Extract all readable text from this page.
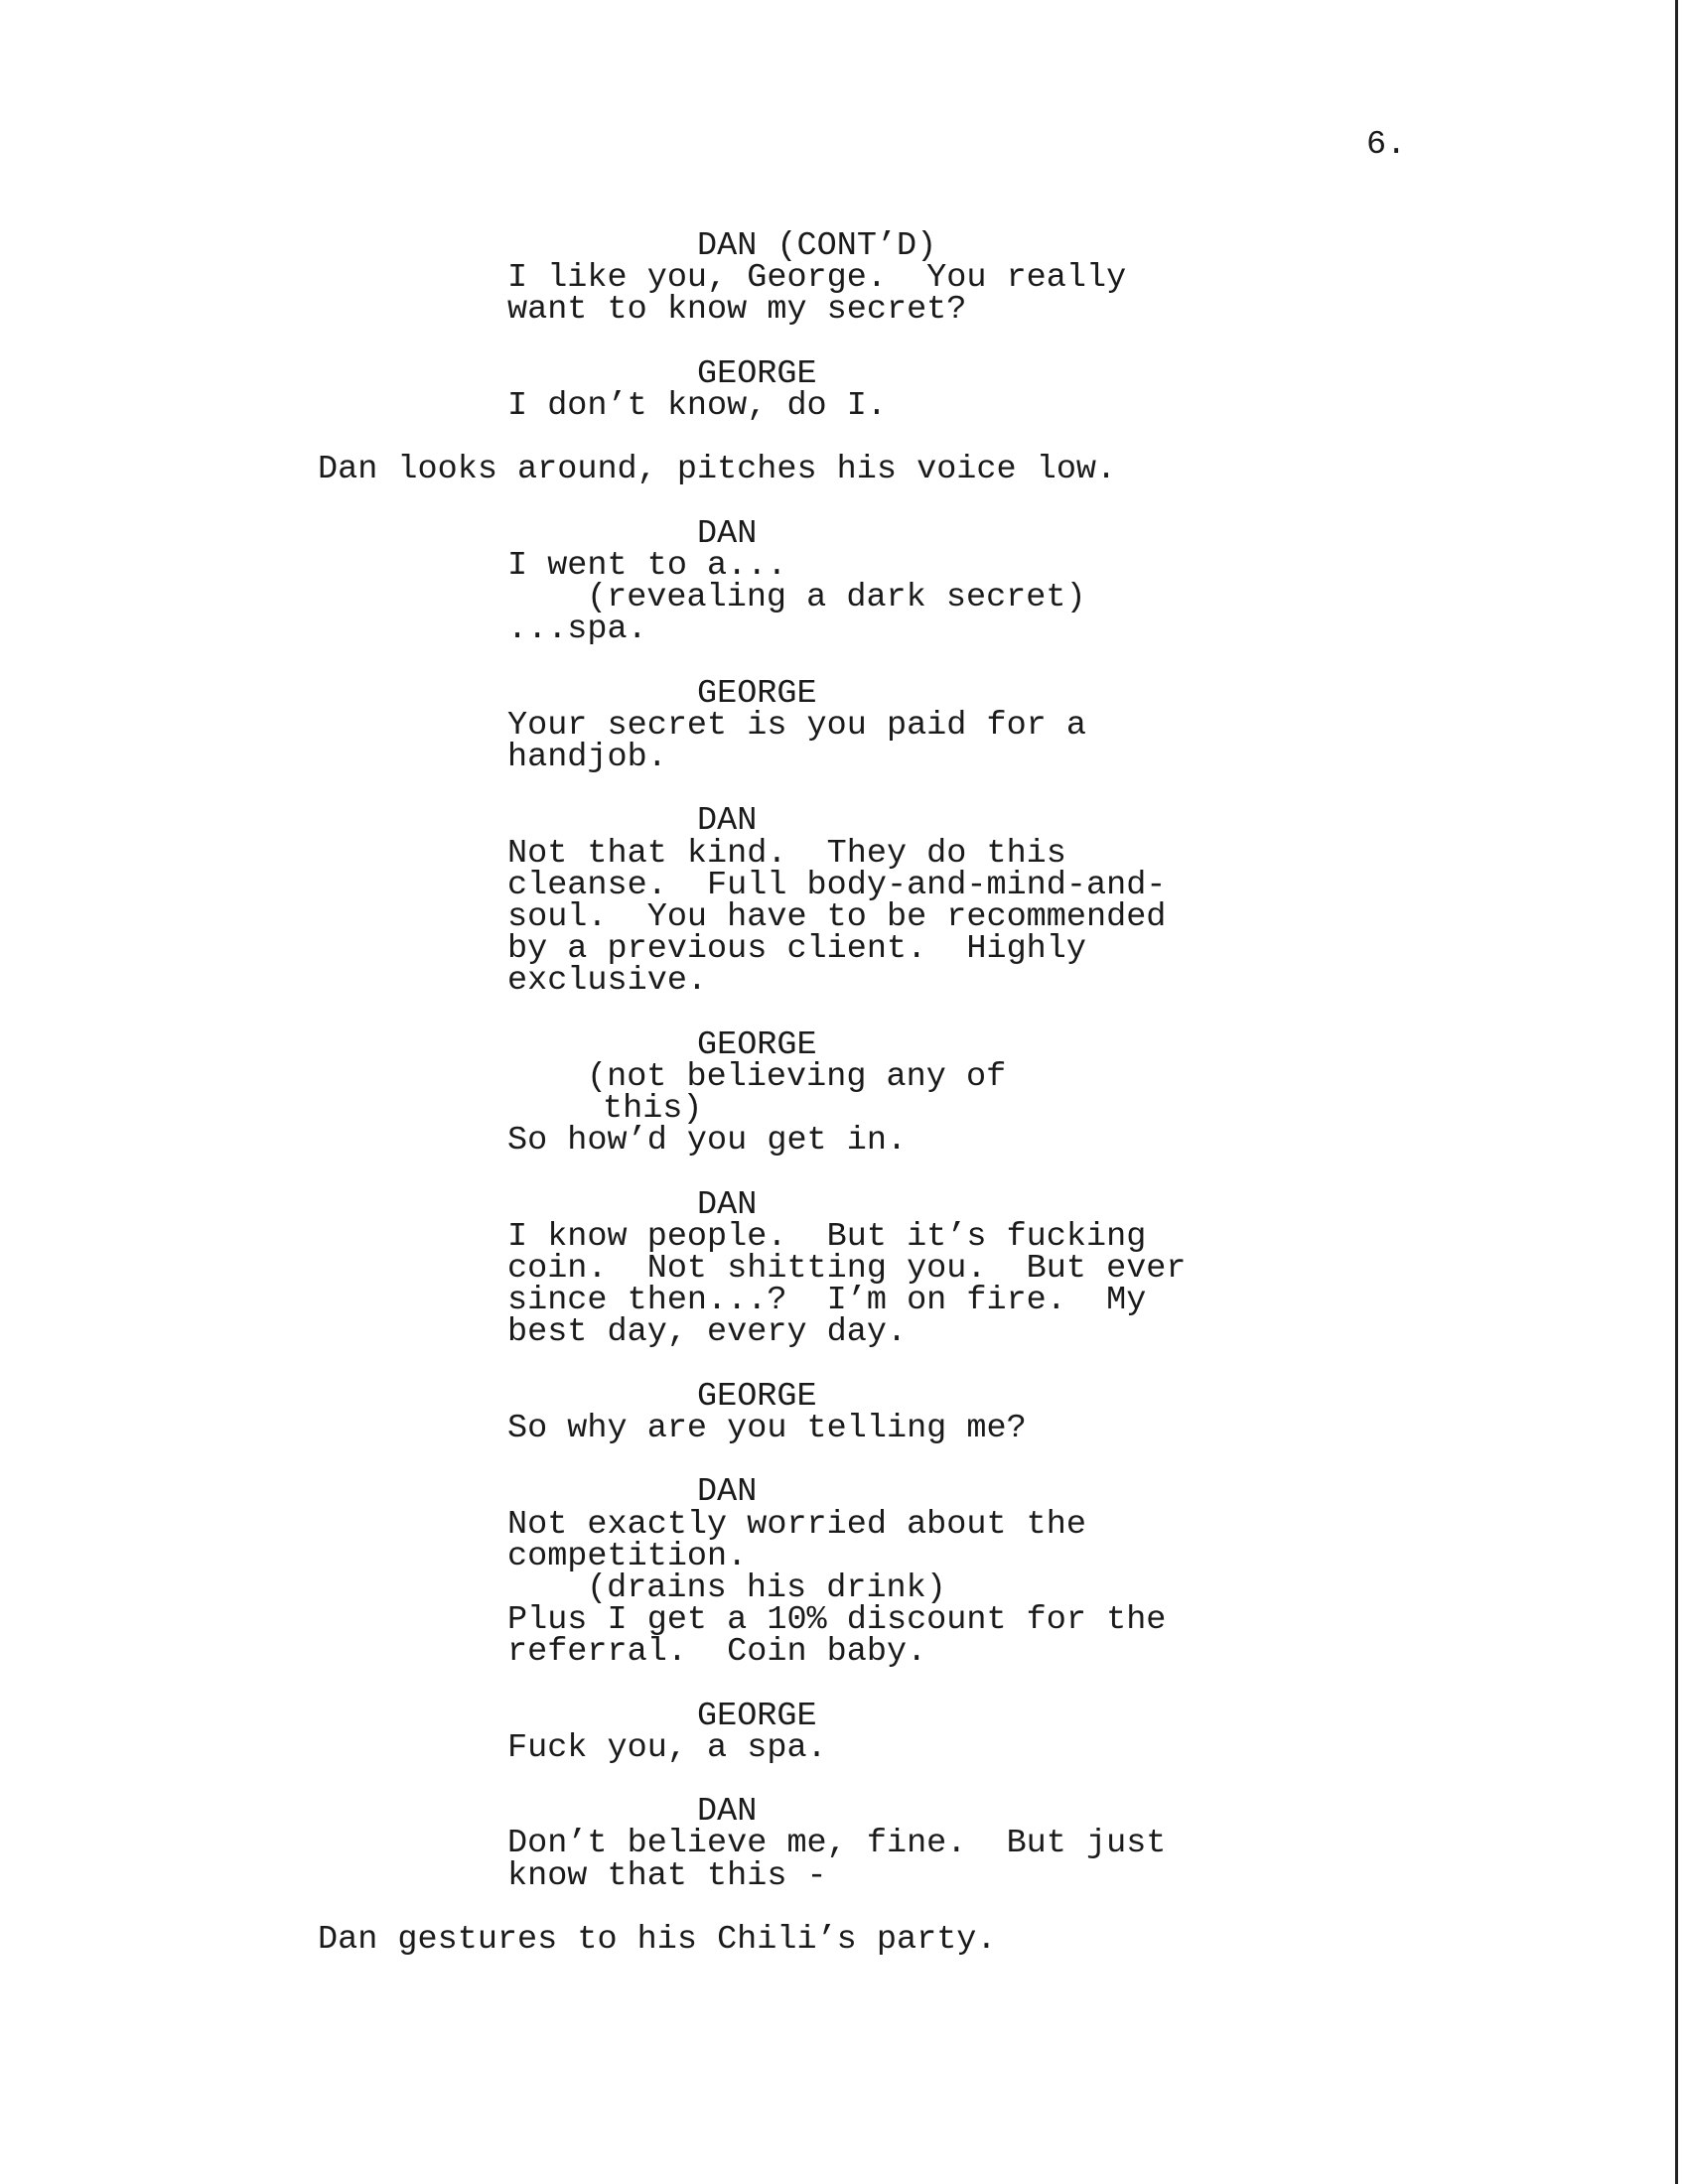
6.
DAN (CONT’D)
I like you, George.  You really
want to know my secret?
GEORGE
I don’t know, do I.
Dan looks around, pitches his voice low.
DAN
I went to a...
(revealing a dark secret)
...spa.
GEORGE
Your secret is you paid for a
handjob.
DAN
Not that kind.  They do this
cleanse.  Full body-and-mind-and-
soul.  You have to be recommended
by a previous client.  Highly
exclusive.
GEORGE
(not believing any of
this)
So how’d you get in.
DAN
I know people.  But it’s fucking
coin.  Not shitting you.  But ever
since then...?  I’m on fire.  My
best day, every day.
GEORGE
So why are you telling me?
DAN
Not exactly worried about the
competition.
(drains his drink)
Plus I get a 10% discount for the
referral.  Coin baby.
GEORGE
Fuck you, a spa.
DAN
Don’t believe me, fine.  But just
know that this -
Dan gestures to his Chili’s party.
